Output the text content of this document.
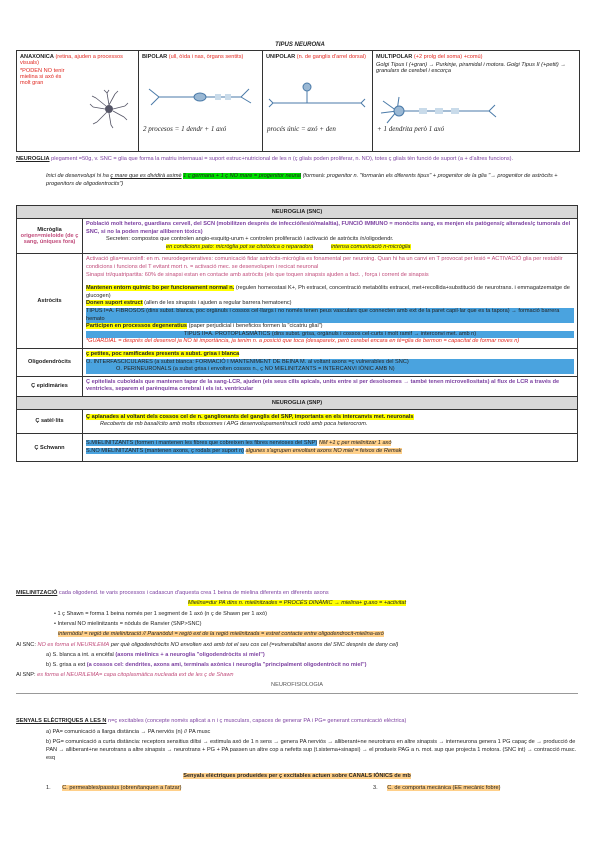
TIPUS NEURONA
ANAXONICA (retina, ajuden a processos visuals)
*PODEN NO tenir mielina si axó és molt gran
BIPOLAR (ull, òïda i nas, òrgans sentits)
2 procesos = 1 dendr + 1 axó
UNIPOLAR (n. de ganglis d'arrel dorsal)
procés únic = axó + den
MULTIPOLAR (+2 prolg del soma) +comú)
Golgi Tipus I (+gran) → Purkinje, piramidal i motora. Golgi Tipus II (+petit) → granulars de cerebel i escorça
+ 1 dendrita però 1 axó
NEUROGLIA plegament =50g, v. SNC = glia que forma la matriu internauai = suport estruc+nutricional de les n (ç glials poden proliferar, n. NO), totes ç glials tèn funció de suport (a + d'altres funcions).
Inici de desenvolupi hi ha ç mare que es dividirà asimè 1 ç germana + 1 ç NO mare = progenitor neural (formarà: progenitor n. "formaràn els diferents tipus" + progenitor de la glia "→ progenitor de astròcits + progenitors de oligodentrocits")
NEUROGLIA (SNC)
Micròglia
origen=mieloide (de ç sang, úniques fora)
Població molt hetero, guardians cervell, del SCN (mobilitzen després de infecció/lesió/malaltia), FUNCIÓ IMMUNO = monòcits sang, es menjen els patògens/ç alterades/ç tumorals del SNC, si no la poden menjar alliberen tòxics)
Secreten: compostos que controlen angio-esquitg-urum + controlen proliferació i activació de astròcits /n/oligodendr.
en condicions pato: micròglia pot se citotòxica o reparadora	intensa comunicació n-micròglia
Astròcits
Activació glia=neuroinfl: en m. neurodegeneratives: comunicació fidar astròcits-micròglia es fonamental per neuroing. Quan hi ha un canvi en T provocat per lesió = ACTIVACIÓ glia per restablir condicions i funcions del T evitant mort n. = activació mec. se desenvolupen i recicat neuronal
Sinapsi tri/quatripartita: 60% de sinapsi estan en contacte amb astròcits (els que toquen sinapsis ajuden a fact. , força i corrent de sinapsis
Mantenen entorn químic bo per funcionament normal n. (regulen homeostasi K+, Ph extracel, concentració metabòlits extracel, met+recollida+substitució de neurotrans. i emmagatzematge de glucogen)
Donen suport estruct (allen de les sinapsis i ajuden a regular barrera hematoenc)
TIPUS I=A. FIBROSOS (dins subst. blanca, poc orgànuls i cossos cel·llargs i no només tenen peus vasculars que connecten amb ext de la paret capil·lar que es ta tapora) → formació barrera hemato
Participen en processos degeneratius (paper perjudicial i beneficios formen la "cicatriu glial")
TIPUS II=A. PROTOPLASMÀTICS (dins subst. grisa, orgànuls i cossos cel·curts i molt ramif → interconvi met. amb n)
*GUARDIAL = després del desenvol ja NO té importància, ja tenim n. a posició que toca (desapareix, però cerebel encara en té=glia de bermon = capacitat de formar noves n)
Oligodendròcits
ç petites, poc ramificades presents a subst. grisa i blanca
O. INTERFASCICULARES (a subst blanca: FORMACIÓ I MANTENIMENT DE BEINA M. al voltant axons =ç vulnerables del SNC)
O. PERINEURONALS (a subst grisa i envolten cossos n., ç NO MIELINITZANTS = INTERCANVI IÒNIC AMB N)
Ç epidimàries
Ç epitelials cuboïdals que mantenen tapar de la sang-LCR, ajuden (els seus cilis apicals, units entre si per desolsomes → també tenen microvellositats) al flux de LCR a través de ventricles, separem el parènquima cerebral i els ist. ventricular
NEUROGLIA (SNP)
Ç satèl·lits
Ç aplanades al voltant dels cossos cel de n. ganglionants del ganglis del SNP, importants en els intercanvis met. neuronals
Recoberts de mb basal/cito amb molts ribosomes i APG desenvolupament/nucli rodó amb poca heterocrom.
Ç Schwann
S.MIELINITZANTS (formen i mantenen les fibres que cobreixen les fibres nervioses del SNP) NM +1 ç per mielinitzar 1 axó
S.NO MIELINITZANTS (mantenen axons, ç rodals per suport n) algunes s'agrupen envoltant axons NO miel = feixos de Remak
MIELINITZACIÓ cada oligodend. te varis processos i cadascun d'aquesta crea 1 beina de mielina diferents en diferents axons
Mielina=dur PA dins n. mielinitzades = PROCÉS DINÀMIC → mielina+ g.axo = +activitat
• 1 ç Shawn = forma 1 beina només per 1 segment de 1 axó (n ç de Shawn per 1 axó)
• Interval NO mielinitzants = nòduls de Ranvier (SNP>SNC)
internòdul = regió de mielinització // Paranòdul = regió ext de la regió mielinitzada = estret contacte entre oligodendrocit-mielina-axó
Al SNC: NO es forma el NEURILEMA per què oligodendròcits NO envolten axó amb tot el seu cos cel (=vulnerabilitat axons del SNC després de dany cel)
a) S. blanca a int. a encèfal (axons mielínics + a neuroglia "oligodendròcits si miel")
b) S. grisa a ext (a cossos cel: dendrites, axons ami, terminals axònics i neuroglia "principalment oligodentròcit no miel")
Al SNP: es forma el NEURILEMA= capa citoplasmàtica nucleada ext de les ç de Shawn
NEUROFISIOLOGIA
SENYALS ELÈCTRIQUES A LES N n=ç excitables (concepte només aplicat a n i ç musculars, capaces de generar PA i PG= generant comunicació elèctrica)
a) PA= comunicació a llarga distància → PA nerviós (n) // PA musc
b) PG= comunicació a curta distància: receptors sensitius diltsi → estimula axó de 1 n sens → genera PA nerviós → alliberant+ne neurotrans en altre sinapsis → interneurona genera 1 PG capaç de → producció de PAN → alliberant+ne neurotrans a altre sinapsis → neurotrans + PG + PA passen un altre cop a nefetts sup (t.sistema+sinapsi) → el produeix PAG a n. mot. sup que projecta 1 motora. (SNC int) → contracció musc. esq
Senyals elèctriques produeides per ç excitables actuen sobre CANALS IÒNICS de mb
1. C. permeables/passius (obren/tanquen a l'atzar)	3. C. de comporta mecànica (EE mecànic fobre)
